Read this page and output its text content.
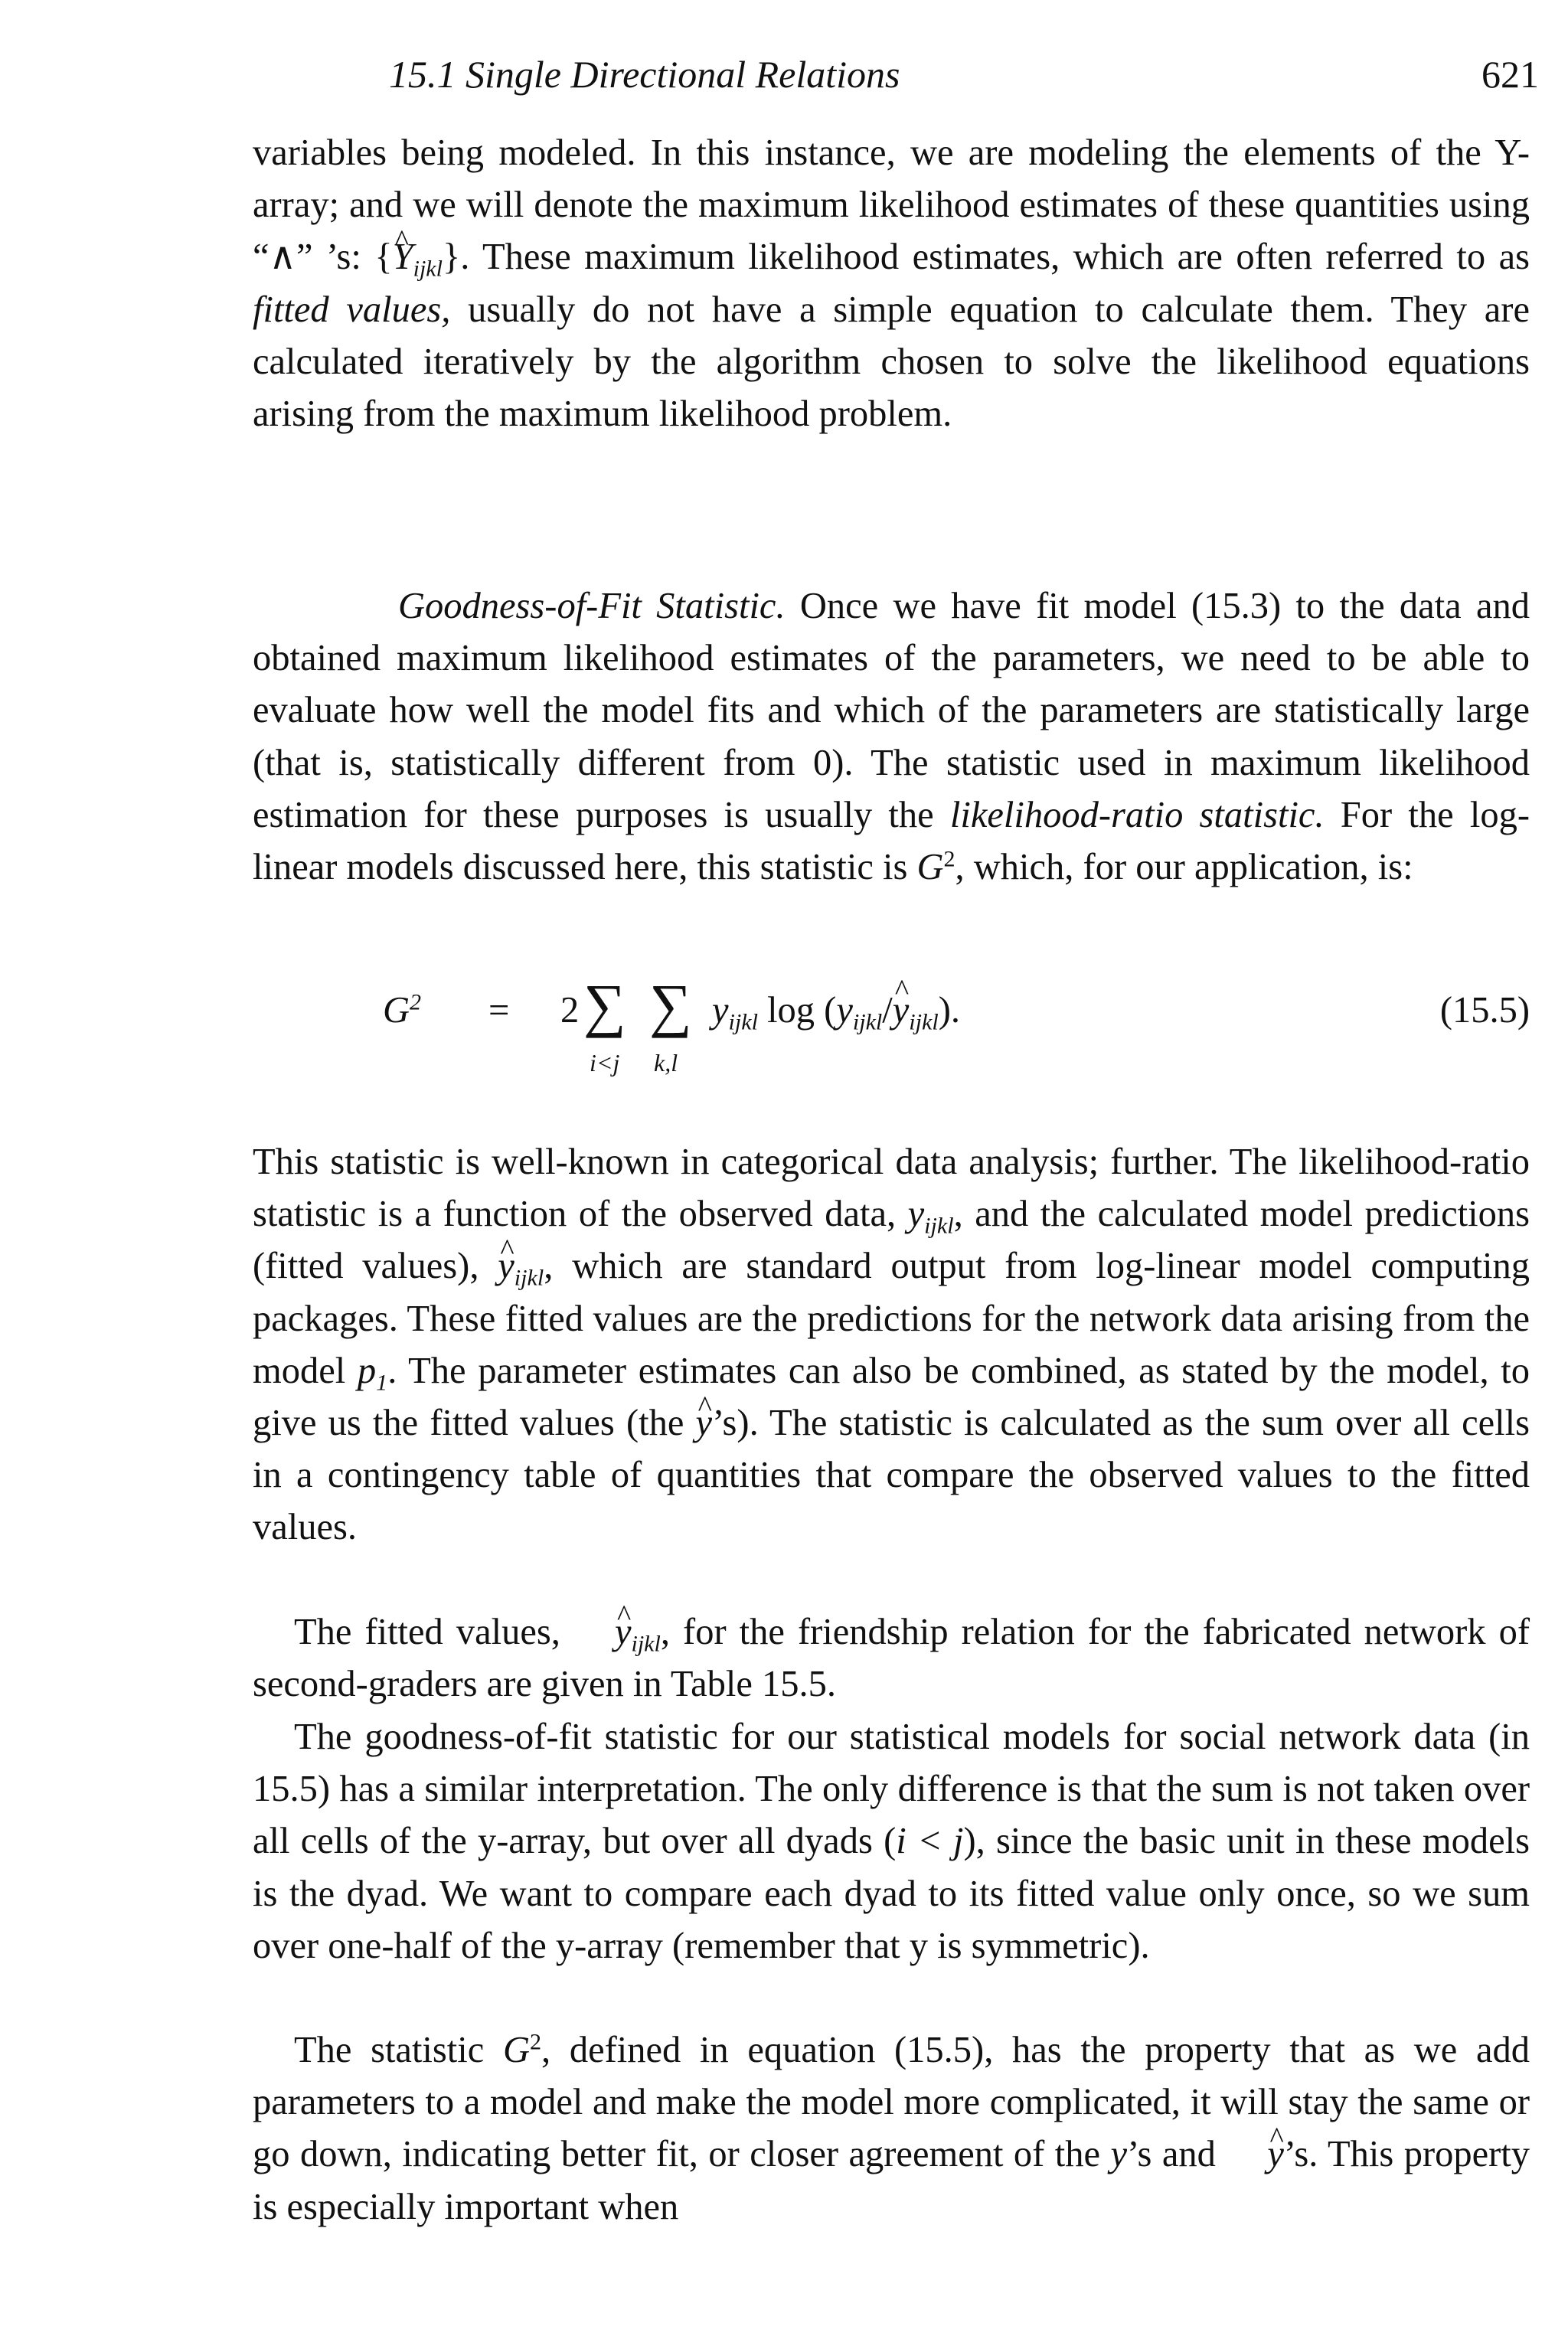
15.1 Single Directional Relations	621

variables being modeled. In this instance, we are modeling the elements of the Y-array; and we will denote the maximum likelihood estimates of these quantities using “∧” ’s: {^ $Y_{ijkl}$}. These maximum likelihood estimates, which are often referred to as fitted values, usually do not have a simple equation to calculate them. They are calculated iteratively by the algorithm chosen to solve the likelihood equations arising from the maximum likelihood problem.

Goodness-of-Fit Statistic. Once we have fit model (15.3) to the data and obtained maximum likelihood estimates of the parameters, we need to be able to evaluate how well the model fits and which of the parameters are statistically large (that is, statistically different from 0). The statistic used in maximum likelihood estimation for these purposes is usually the likelihood-ratio statistic. For the log-linear models discussed here, this statistic is $G^2$, which, for our application, is:

$G^2 = 2$ ∑ ∑
i<j k,l
$y_{ijkl}$ $\log (y_{ijkl}/\^{}$ $y_{ijkl}$).	(15.5)

This statistic is well-known in categorical data analysis; further. The likelihood-ratio statistic is a function of the observed data, $y_{ijkl}$, and the calculated model predictions (fitted values), ^ $y_{ijkl}$, which are standard output from log-linear model computing packages. These fitted values are the predictions for the network data arising from the model $p_1$. The parameter estimates can also be combined, as stated by the model, to give us the fitted values (the ^ y’s). The statistic is calculated as the sum over all cells in a contingency table of quantities that compare the observed values to the fitted values.

The fitted values, ^ $y_{ijkl}$, for the friendship relation for the fabricated network of second-graders are given in Table 15.5.

The goodness-of-fit statistic for our statistical models for social network data (in 15.5) has a similar interpretation. The only difference is that the sum is not taken over all cells of the y-array, but over all dyads (i < j), since the basic unit in these models is the dyad. We want to compare each dyad to its fitted value only once, so we sum over one-half of the y-array (remember that y is symmetric).

The statistic $G^2$, defined in equation (15.5), has the property that as we add parameters to a model and make the model more complicated, it will stay the same or go down, indicating better fit, or closer agreement of the y’s and ^ y’s. This property is especially important when
